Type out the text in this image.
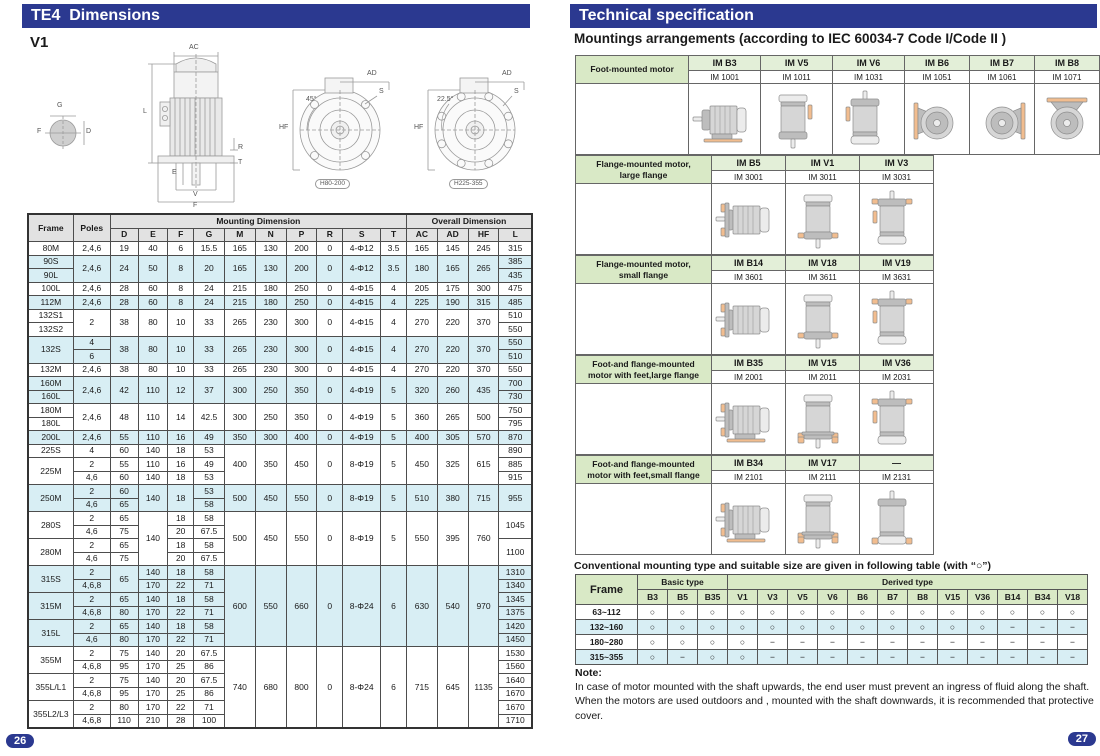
TE4  Dimensions
V1
G
D
F
AC
L
E
V
F
R
T
AD
HF
S
45°
AD
HF
S
22.5°
H80-200	H225-355
Frame	Poles	Mounting Dimension										Overall Dimension			
		D	E	F	G	M	N	P	R	S	T	AC	AD	HF	L
80M	2,4,6	19	40	6	15.5	165	130	200	0	4-Φ12	3.5	165	145	245	315
90S	2,4,6	24	50	8	20	165	130	200	0	4-Φ12	3.5	180	165	265	385
90L															435
100L	2,4,6	28	60	8	24	215	180	250	0	4-Φ15	4	205	175	300	475
112M	2,4,6	28	60	8	24	215	180	250	0	4-Φ15	4	225	190	315	485
132S1	2	38	80	10	33	265	230	300	0	4-Φ15	4	270	220	370	510
132S2															550
132S	4	38	80	10	33	265	230	300	0	4-Φ15	4	270	220	370	550
	6														510
132M	2,4,6	38	80	10	33	265	230	300	0	4-Φ15	4	270	220	370	550
160M	2,4,6	42	110	12	37	300	250	350	0	4-Φ19	5	320	260	435	700
160L															730
180M	2,4,6	48	110	14	42.5	300	250	350	0	4-Φ19	5	360	265	500	750
180L															795
200L	2,4,6	55	110	16	49	350	300	400	0	4-Φ19	5	400	305	570	870
225S	4	60	140	18	53	400	350	450	0	8-Φ19	5	450	325	615	890
225M	2	55	110	16	49										885
	4,6	60	140	18	53										915
250M	2	60	140	18	53	500	450	550	0	8-Φ19	5	510	380	715	955
	4,6	65			58										
280S	2	65	140	18	58	500	450	550	0	8-Φ19	5	550	395	760	1045
	4,6	75		20	67.5										
280M	2	65		18	58										1100
	4,6	75		20	67.5										
315S	2	65	140	18	58	600	550	660	0	8-Φ24	6	630	540	970	1310
	4,6,8		170	22	71										1340
315M	2	65	140	18	58										1345
	4,6,8	80	170	22	71										1375
315L	2	65	140	18	58										1420
	4,6	80	170	22	71										1450
355M	2	75	140	20	67.5	740	680	800	0	8-Φ24	6	715	645	1135	1530
	4,6,8	95	170	25	86										1560
355L/L1	2	75	140	20	67.5										1640
	4,6,8	95	170	25	86										1670
355L2/L3	2	80	170	22	71										1670
	4,6,8	110	210	28	100										1710
26
Technical specification
Mountings arrangements (according to IEC 60034-7 Code I/Code II )
Foot-mounted motor	IM B3	IM V5	IM V6	IM B6	IM B7	IM B8
	IM 1001	IM 1011	IM 1031	IM 1051	IM 1061	IM 1071

Flange-mounted motor,
large flange	IM B5	IM V1	IM V3
	IM 3001	IM 3011	IM 3031

Flange-mounted motor,
small flange	IM B14	IM V18	IM V19
	IM 3601	IM 3611	IM 3631

Foot-and flange-mounted
motor with feet,large flange	IM B35	IM V15	IM V36
	IM 2001	IM 2011	IM 2031

Foot-and flange-mounted
motor with feet,small flange	IM B34	IM V17	—
	IM 2101	IM 2111	IM 2131

Conventional mounting type and suitable size are given in following table (with “○”)
Frame	Basic type			Derived type											
	B3	B5	B35	V1	V3	V5	V6	B6	B7	B8	V15	V36	B14	B34	V18
63~112	○	○	○	○	○	○	○	○	○	○	○	○	○	○	○
132~160	○	○	○	○	○	○	○	○	○	○	○	○	−	−	−
180~280	○	○	○	○	−	−	−	−	−	−	−	−	−	−	−
315~355	○	−	○	○	−	−	−	−	−	−	−	−	−	−	−
Note:
In case of motor mounted with the shaft upwards, the end user must prevent an ingress of fluid along the shaft.
When the motors are used outdoors and , mounted with the shaft downwards, it is recommended that protective cover.
27
